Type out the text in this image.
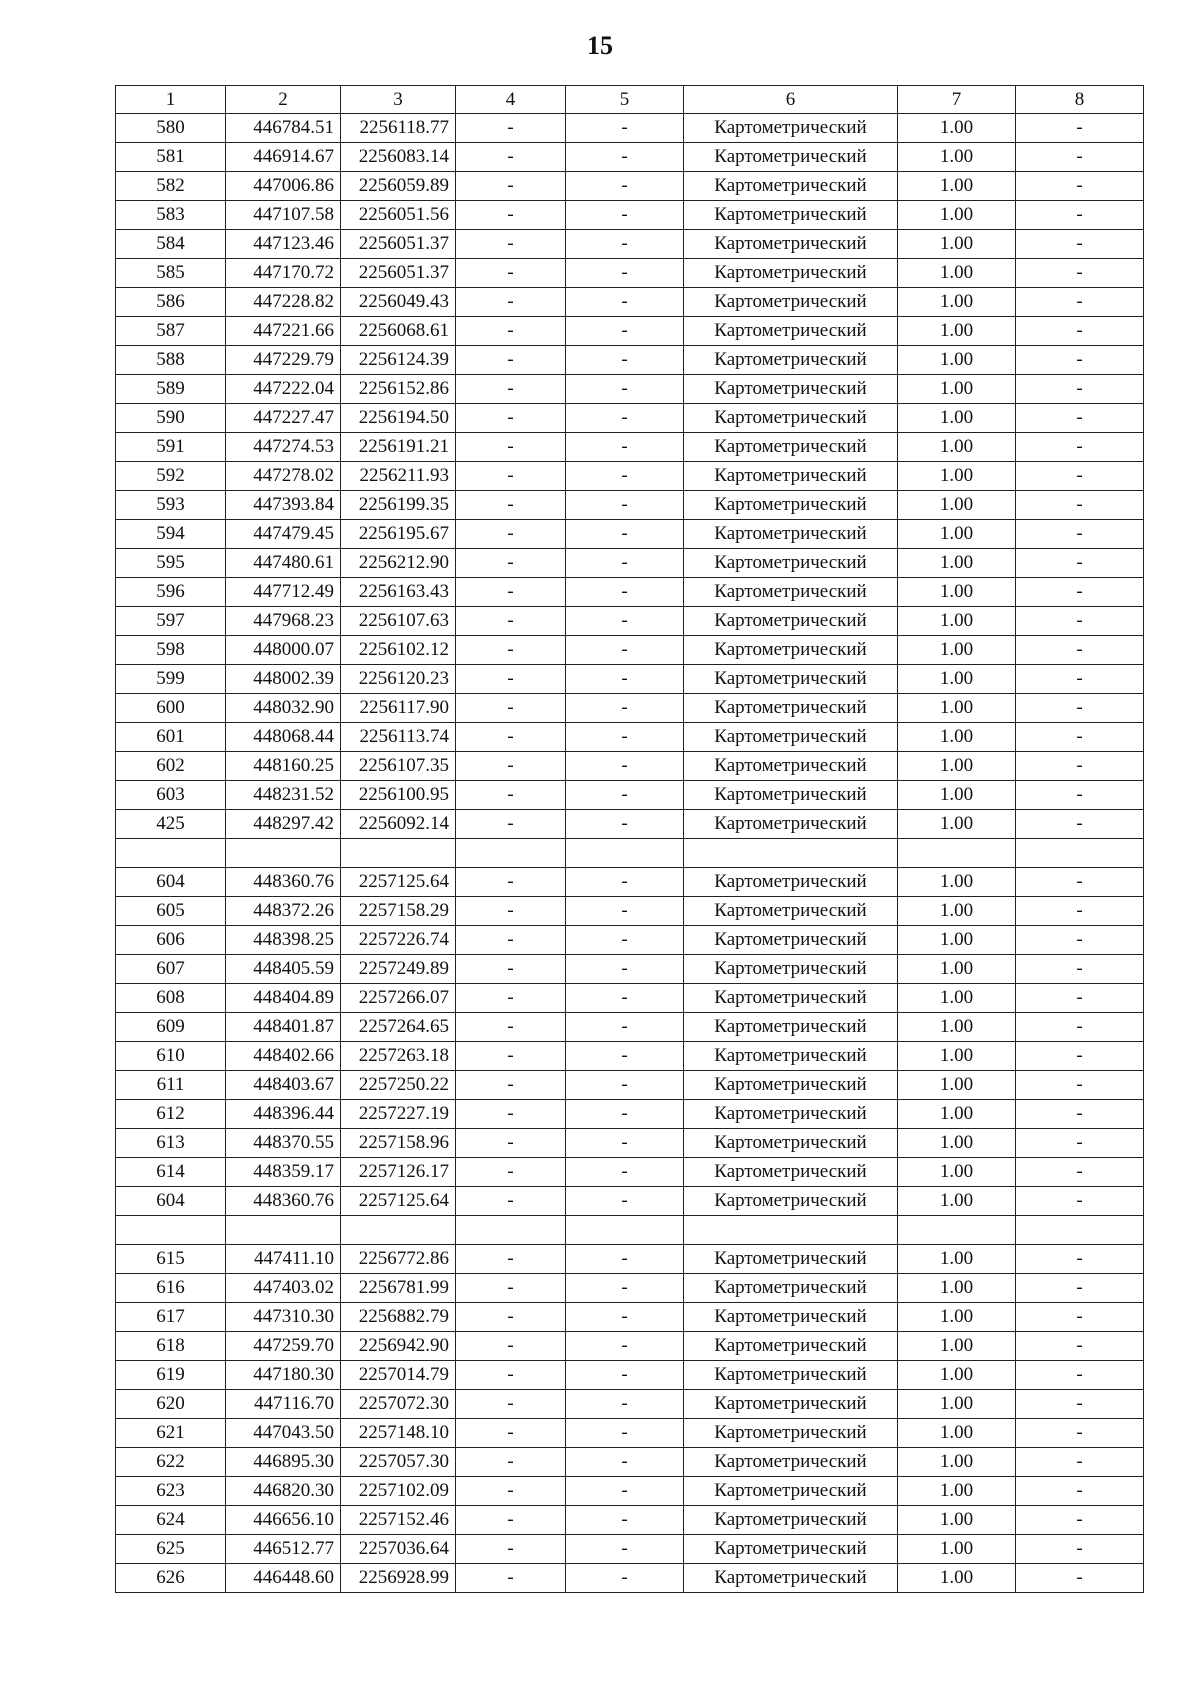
15
1	2	3	4	5	6	7	8
580	446784.51	2256118.77	-	-	Картометрический	1.00	-
581	446914.67	2256083.14	-	-	Картометрический	1.00	-
582	447006.86	2256059.89	-	-	Картометрический	1.00	-
583	447107.58	2256051.56	-	-	Картометрический	1.00	-
584	447123.46	2256051.37	-	-	Картометрический	1.00	-
585	447170.72	2256051.37	-	-	Картометрический	1.00	-
586	447228.82	2256049.43	-	-	Картометрический	1.00	-
587	447221.66	2256068.61	-	-	Картометрический	1.00	-
588	447229.79	2256124.39	-	-	Картометрический	1.00	-
589	447222.04	2256152.86	-	-	Картометрический	1.00	-
590	447227.47	2256194.50	-	-	Картометрический	1.00	-
591	447274.53	2256191.21	-	-	Картометрический	1.00	-
592	447278.02	2256211.93	-	-	Картометрический	1.00	-
593	447393.84	2256199.35	-	-	Картометрический	1.00	-
594	447479.45	2256195.67	-	-	Картометрический	1.00	-
595	447480.61	2256212.90	-	-	Картометрический	1.00	-
596	447712.49	2256163.43	-	-	Картометрический	1.00	-
597	447968.23	2256107.63	-	-	Картометрический	1.00	-
598	448000.07	2256102.12	-	-	Картометрический	1.00	-
599	448002.39	2256120.23	-	-	Картометрический	1.00	-
600	448032.90	2256117.90	-	-	Картометрический	1.00	-
601	448068.44	2256113.74	-	-	Картометрический	1.00	-
602	448160.25	2256107.35	-	-	Картометрический	1.00	-
603	448231.52	2256100.95	-	-	Картометрический	1.00	-
425	448297.42	2256092.14	-	-	Картометрический	1.00	-

604	448360.76	2257125.64	-	-	Картометрический	1.00	-
605	448372.26	2257158.29	-	-	Картометрический	1.00	-
606	448398.25	2257226.74	-	-	Картометрический	1.00	-
607	448405.59	2257249.89	-	-	Картометрический	1.00	-
608	448404.89	2257266.07	-	-	Картометрический	1.00	-
609	448401.87	2257264.65	-	-	Картометрический	1.00	-
610	448402.66	2257263.18	-	-	Картометрический	1.00	-
611	448403.67	2257250.22	-	-	Картометрический	1.00	-
612	448396.44	2257227.19	-	-	Картометрический	1.00	-
613	448370.55	2257158.96	-	-	Картометрический	1.00	-
614	448359.17	2257126.17	-	-	Картометрический	1.00	-
604	448360.76	2257125.64	-	-	Картометрический	1.00	-

615	447411.10	2256772.86	-	-	Картометрический	1.00	-
616	447403.02	2256781.99	-	-	Картометрический	1.00	-
617	447310.30	2256882.79	-	-	Картометрический	1.00	-
618	447259.70	2256942.90	-	-	Картометрический	1.00	-
619	447180.30	2257014.79	-	-	Картометрический	1.00	-
620	447116.70	2257072.30	-	-	Картометрический	1.00	-
621	447043.50	2257148.10	-	-	Картометрический	1.00	-
622	446895.30	2257057.30	-	-	Картометрический	1.00	-
623	446820.30	2257102.09	-	-	Картометрический	1.00	-
624	446656.10	2257152.46	-	-	Картометрический	1.00	-
625	446512.77	2257036.64	-	-	Картометрический	1.00	-
626	446448.60	2256928.99	-	-	Картометрический	1.00	-
